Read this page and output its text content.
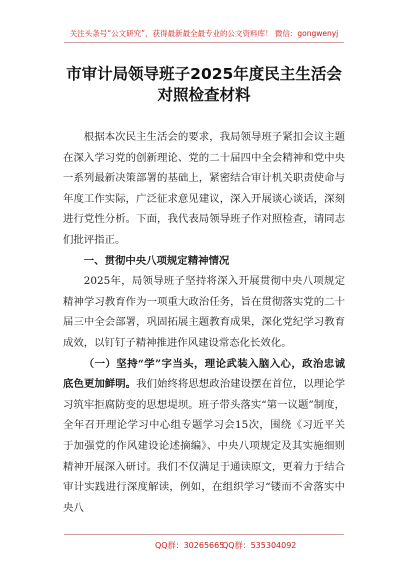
关注头条号“公文研究”，获得最新最全最专业的公文资料库！ 微信：gongwenyj
市审计局领导班子2025年度民主生活会
对照检查材料

根据本次民主生活会的要求，我局领导班子紧扣会议主题在深入学习党的创新理论、党的二十届四中全会精神和党中央一系列最新决策部署的基础上，紧密结合审计机关职责使命与年度工作实际，广泛征求意见建议，深入开展谈心谈话，深刻进行党性分析。下面，我代表局领导班子作对照检查，请同志们批评指正。

一、贯彻中央八项规定精神情况

2025年，局领导班子坚持将深入开展贯彻中央八项规定精神学习教育作为一项重大政治任务，旨在贯彻落实党的二十届三中全会部署，巩固拓展主题教育成果，深化党纪学习教育成效，以钉钉子精神推进作风建设常态化长效化。

（一）坚持“学”字当头，理论武装入脑入心，政治忠诚底色更加鲜明。我们始终将思想政治建设摆在首位，以理论学习筑牢拒腐防变的思想堤坝。班子带头落实“第一议题”制度，全年召开理论学习中心组专题学习会15次，围绕《习近平关于加强党的作风建设论述摘编》、中央八项规定及其实施细则精神开展深入研讨。我们不仅满足于通读原文，更着力于结合审计实践进行深度解读，例如，在组织学习“镂而不舍落实中央八

QQ群：30265665
QQ群：535304092
